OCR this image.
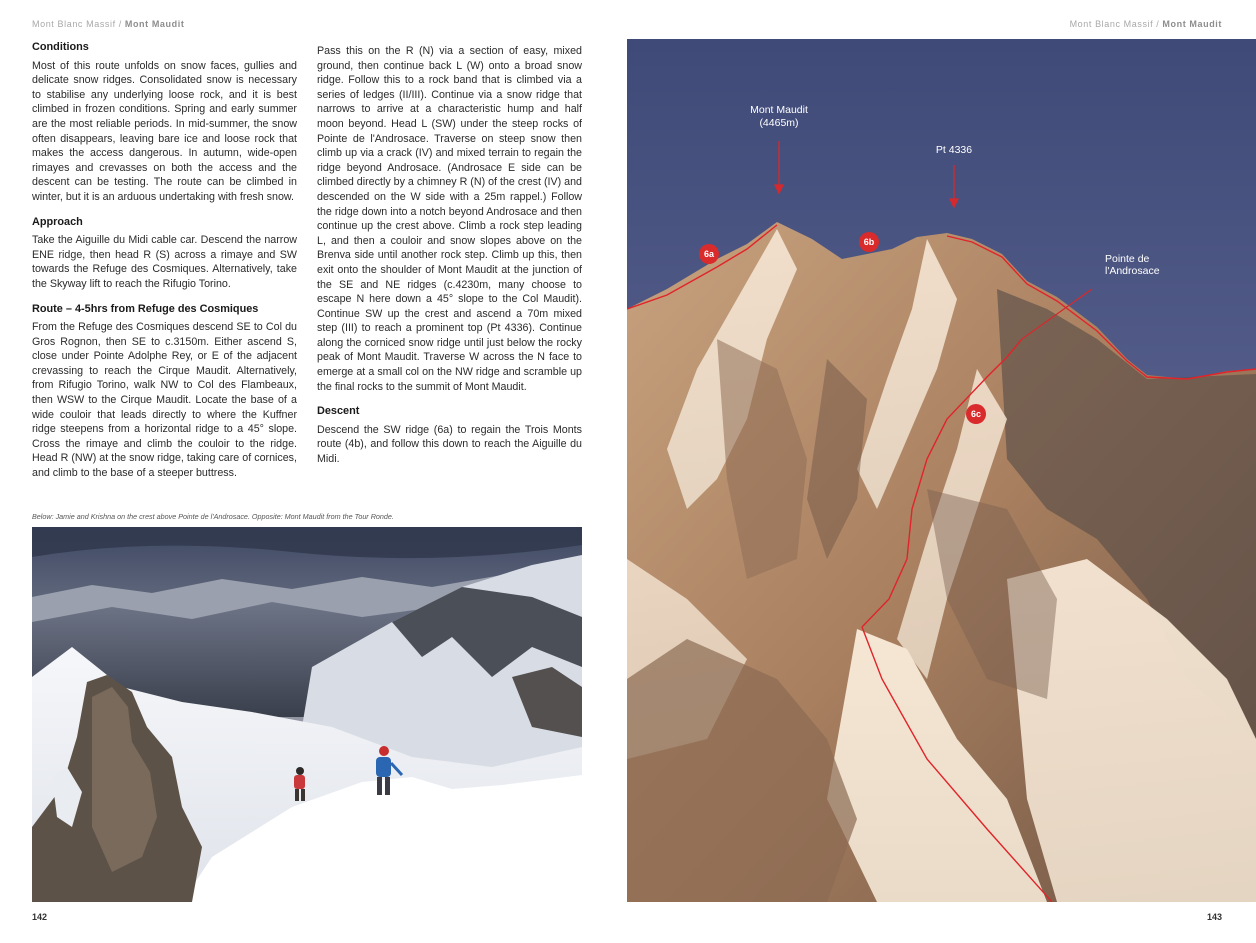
Mont Blanc Massif / Mont Maudit	Mont Blanc Massif / Mont Maudit
Conditions

Most of this route unfolds on snow faces, gullies and delicate snow ridges. Consolidated snow is necessary to stabilise any underlying loose rock, and it is best climbed in frozen conditions. Spring and early summer are the most reliable periods. In mid-summer, the snow often disappears, leaving bare ice and loose rock that makes the access dangerous. In autumn, wide-open rimayes and crevasses on both the access and the descent can be testing. The route can be climbed in winter, but it is an arduous undertaking with fresh snow.

Approach

Take the Aiguille du Midi cable car. Descend the narrow ENE ridge, then head R (S) across a rimaye and SW towards the Refuge des Cosmiques. Alternatively, take the Skyway lift to reach the Rifugio Torino.

Route – 4-5hrs from Refuge des Cosmiques

From the Refuge des Cosmiques descend SE to Col du Gros Rognon, then SE to c.3150m. Either ascend S, close under Pointe Adolphe Rey, or E of the adjacent crevassing to reach the Cirque Maudit. Alternatively, from Rifugio Torino, walk NW to Col des Flambeaux, then WSW to the Cirque Maudit. Locate the base of a wide couloir that leads directly to where the Kuffner ridge steepens from a horizontal ridge to a 45° slope. Cross the rimaye and climb the couloir to the ridge. Head R (NW) at the snow ridge, taking care of cornices, and climb to the base of a steeper buttress.

Pass this on the R (N) via a section of easy, mixed ground, then continue back L (W) onto a broad snow ridge. Follow this to a rock band that is climbed via a series of ledges (II/III). Continue via a snow ridge that narrows to arrive at a characteristic hump and half moon beyond. Head L (SW) under the steep rocks of Pointe de l'Androsace. Traverse on steep snow then climb up via a crack (IV) and mixed terrain to regain the ridge beyond Androsace. (Androsace E side can be climbed directly by a chimney R (N) of the crest (IV) and descended on the W side with a 25m rappel.) Follow the ridge down into a notch beyond Androsace and then continue up the crest above. Climb a rock step leading L, and then a couloir and snow slopes above on the Brenva side until another rock step. Climb up this, then exit onto the shoulder of Mont Maudit at the junction of the SE and NE ridges (c.4230m, many choose to escape N here down a 45° slope to the Col Maudit). Continue SW up the crest and ascend a 70m mixed step (III) to reach a prominent top (Pt 4336). Continue along the corniced snow ridge until just below the rocky peak of Mont Maudit. Traverse W across the N face to emerge at a small col on the NW ridge and scramble up the final rocks to the summit of Mont Maudit.

Descent

Descend the SW ridge (6a) to regain the Trois Monts route (4b), and follow this down to reach the Aiguille du Midi.

Below: Jamie and Krishna on the crest above Pointe de l'Androsace. Opposite: Mont Maudit from the Tour Ronde.
Mont Maudit
(4465m)
Pt 4336
Pointe de
l'Androsace
6a
6b
6c
142	143
